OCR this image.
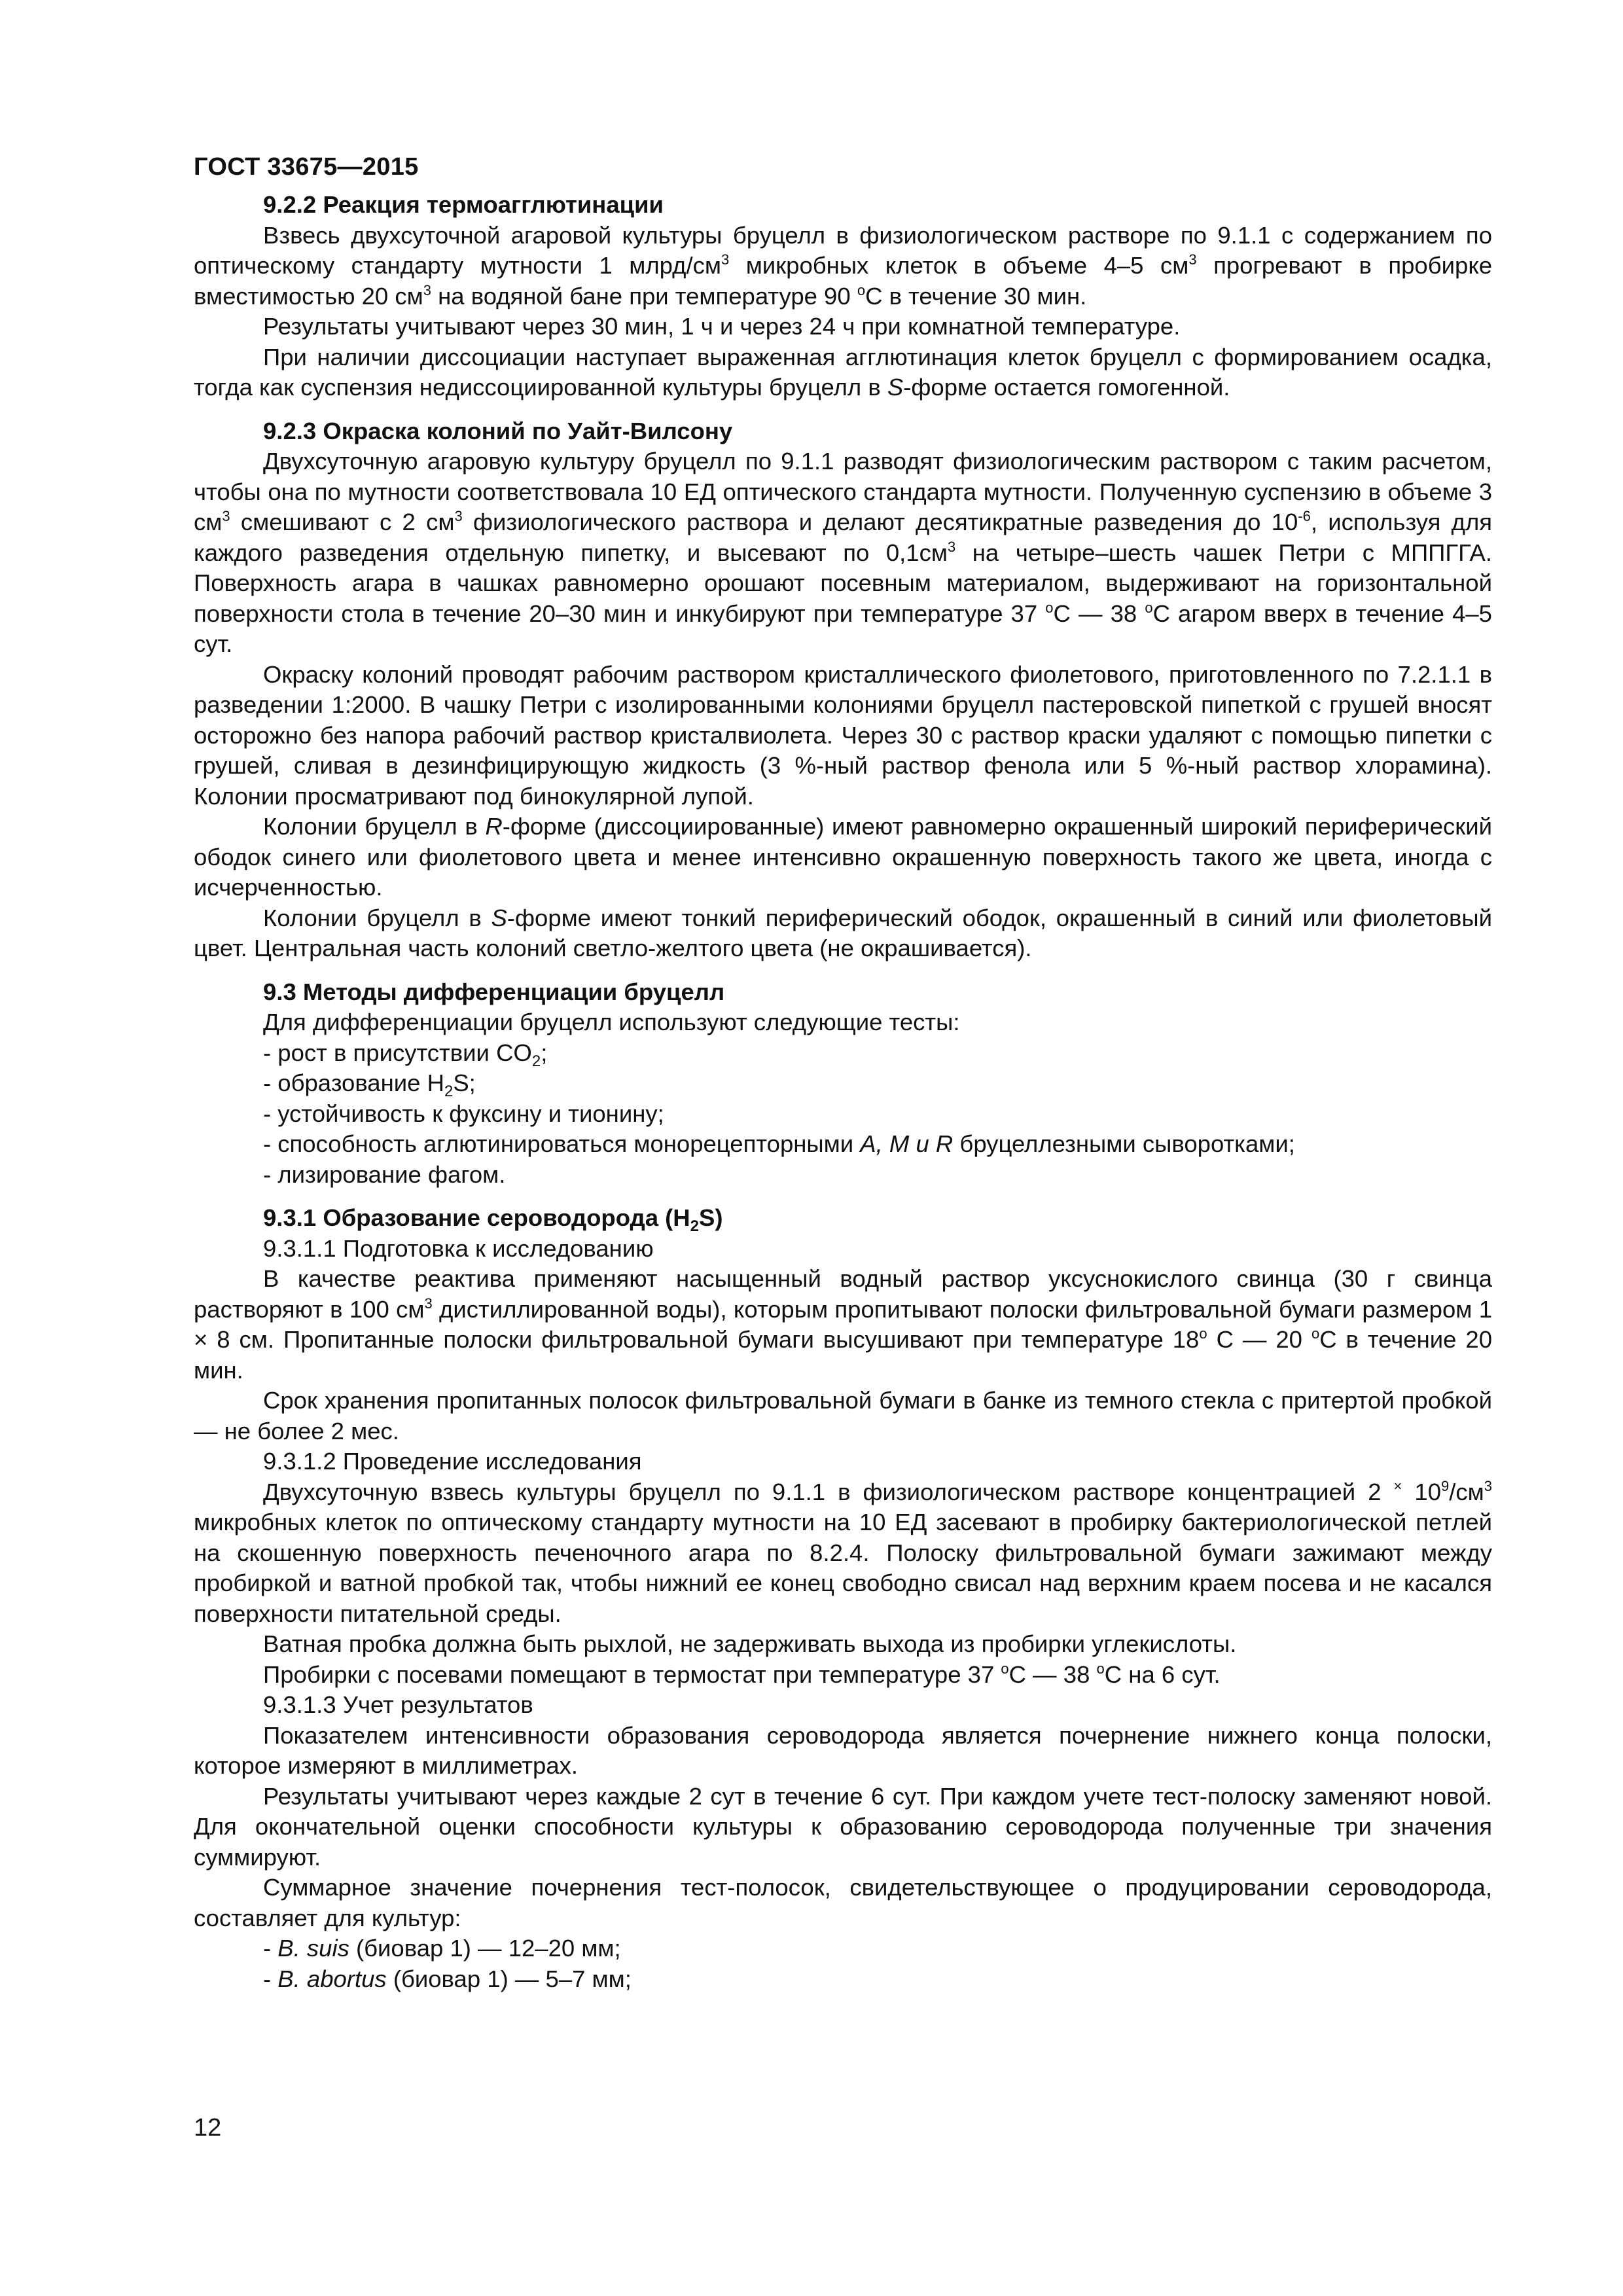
ГОСТ 33675—2015

9.2.2 Реакция термоагглютинации

Взвесь двухсуточной агаровой культуры бруцелл в физиологическом растворе по 9.1.1 с содержанием по оптическому стандарту мутности 1 млрд/$см^3$ микробных клеток в объеме 4–5 $см^3$ прогревают в пробирке вместимостью 20 $см^3$ на водяной бане при температуре 90 $^о$С в течение 30 мин.

Результаты учитывают через 30 мин, 1 ч и через 24 ч при комнатной температуре.

При наличии диссоциации наступает выраженная агглютинация клеток бруцелл с формированием осадка, тогда как суспензия недиссоциированной культуры бруцелл в S-форме остается гомогенной.

9.2.3 Окраска колоний по Уайт-Вилсону

Двухсуточную агаровую культуру бруцелл по 9.1.1 разводят физиологическим раствором с таким расчетом, чтобы она по мутности соответствовала 10 ЕД оптического стандарта мутности. Полученную суспензию в объеме 3 $см^3$ смешивают с 2 $см^3$ физиологического раствора и делают десятикратные разведения до $10^{-6}$, используя для каждого разведения отдельную пипетку, и высевают по $0,1см^3$ на четыре–шесть чашек Петри с МППГГА. Поверхность агара в чашках равномерно орошают посевным материалом, выдерживают на горизонтальной поверхности стола в течение 20–30 мин и инкубируют при температуре 37 $^о$С — 38 $^о$С агаром вверх в течение 4–5 сут.

Окраску колоний проводят рабочим раствором кристаллического фиолетового, приготовленного по 7.2.1.1 в разведении 1:2000. В чашку Петри с изолированными колониями бруцелл пастеровской пипеткой с грушей вносят осторожно без напора рабочий раствор кристалвиолета. Через 30 с раствор краски удаляют с помощью пипетки с грушей, сливая в дезинфицирующую жидкость (3 %-ный раствор фенола или 5 %-ный раствор хлорамина). Колонии просматривают под бинокулярной лупой.

Колонии бруцелл в R-форме (диссоциированные) имеют равномерно окрашенный широкий периферический ободок синего или фиолетового цвета и менее интенсивно окрашенную поверхность такого же цвета, иногда с исчерченностью.

Колонии бруцелл в S-форме имеют тонкий периферический ободок, окрашенный в синий или фиолетовый цвет. Центральная часть колоний светло-желтого цвета (не окрашивается).

9.3 Методы дифференциации бруцелл

Для дифференциации бруцелл используют следующие тесты:

- рост в присутствии $CO_2$;

- образование $H_2S$;

- устойчивость к фуксину и тионину;

- способность аглютинироваться моноpецепторными A, M и R бруцеллезными сыворотками;

- лизирование фагом.

9.3.1 Образование сероводорода $(H_2S)$

9.3.1.1 Подготовка к исследованию

В качестве реактива применяют насыщенный водный раствор уксуснокислого свинца (30 г свинца растворяют в 100 $см^3$ дистиллированной воды), которым пропитывают полоски фильтровальной бумаги размером 1 × 8 см. Пропитанные полоски фильтровальной бумаги высушивают при температуре $18^о$ С — 20 $^о$С в течение 20 мин.

Срок хранения пропитанных полосок фильтровальной бумаги в банке из темного стекла с притертой пробкой — не более 2 мес.

9.3.1.2 Проведение исследования

Двухсуточную взвесь культуры бруцелл по 9.1.1 в физиологическом растворе концентрацией 2 × $10^9/см^3$ микробных клеток по оптическому стандарту мутности на 10 ЕД засевают в пробирку бактериологической петлей на скошенную поверхность печеночного агара по 8.2.4. Полоску фильтровальной бумаги зажимают между пробиркой и ватной пробкой так, чтобы нижний ее конец свободно свисал над верхним краем посева и не касался поверхности питательной среды.

Ватная пробка должна быть рыхлой, не задерживать выхода из пробирки углекислоты.

Пробирки с посевами помещают в термостат при температуре 37 $^о$С — 38 $^о$С на 6 сут.

9.3.1.3 Учет результатов

Показателем интенсивности образования сероводорода является почернение нижнего конца полоски, которое измеряют в миллиметрах.

Результаты учитывают через каждые 2 сут в течение 6 сут. При каждом учете тест-полоску заменяют новой. Для окончательной оценки способности культуры к образованию сероводорода полученные три значения суммируют.

Суммарное значение почернения тест-полосок, свидетельствующее о продуцировании сероводорода, составляет для культур:

- B. suis (биовар 1) — 12–20 мм;

- B. abortus (биовар 1) — 5–7 мм;

12
